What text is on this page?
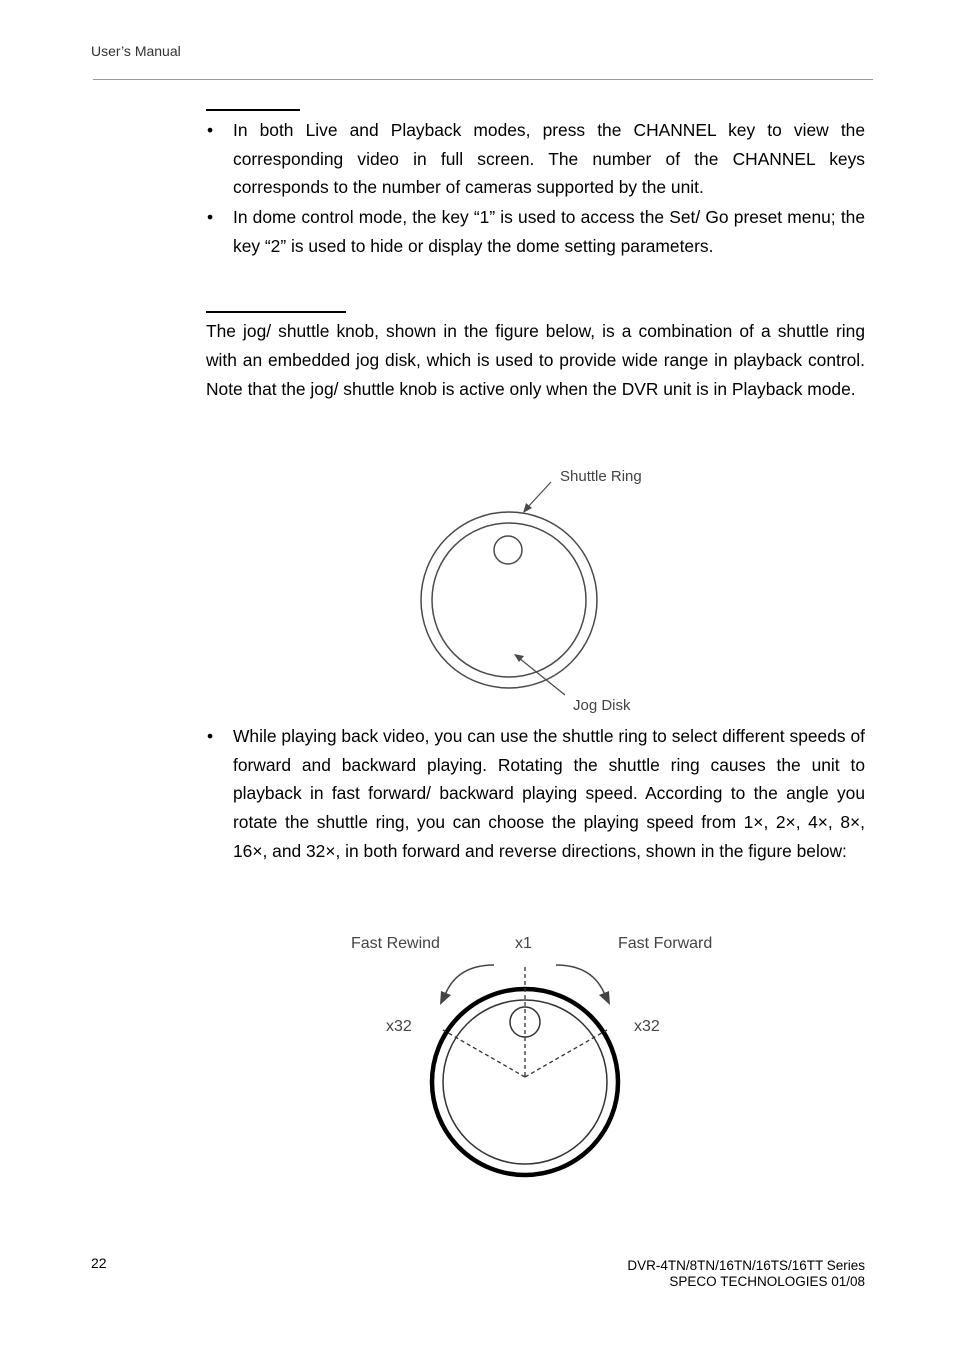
User’s Manual
• In both Live and Playback modes, press the CHANNEL key to view the corresponding video in full screen. The number of the CHANNEL keys corresponds to the number of cameras supported by the unit.
• In dome control mode, the key “1” is used to access the Set/ Go preset menu; the key “2” is used to hide or display the dome setting parameters.

The jog/ shuttle knob, shown in the figure below, is a combination of a shuttle ring with an embedded jog disk, which is used to provide wide range in playback control. Note that the jog/ shuttle knob is active only when the DVR unit is in Playback mode.

Shuttle Ring
Jog Disk
• While playing back video, you can use the shuttle ring to select different speeds of forward and backward playing. Rotating the shuttle ring causes the unit to playback in fast forward/ backward playing speed. According to the angle you rotate the shuttle ring, you can choose the playing speed from 1×, 2×, 4×, 8×, 16×, and 32×, in both forward and reverse directions, shown in the figure below:
Fast Rewind	x1	Fast Forward
x32	x32
22	DVR-4TN/8TN/16TN/16TS/16TT Series
SPECO TECHNOLOGIES 01/08
